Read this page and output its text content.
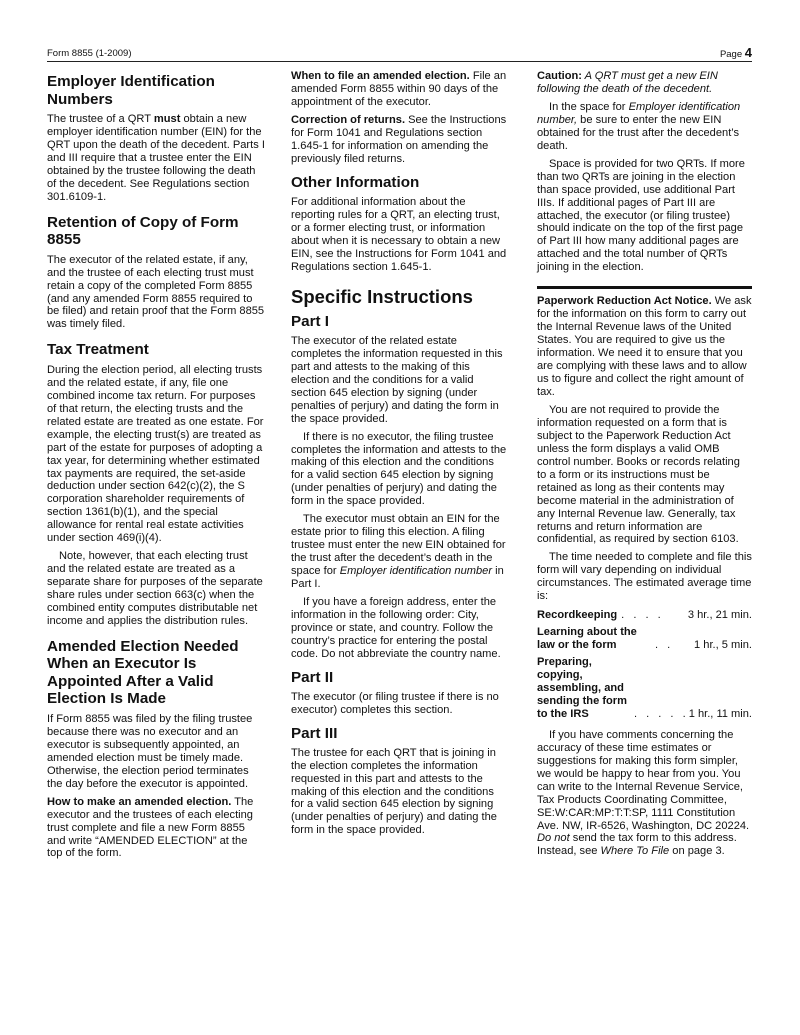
Form 8855 (1-2009)	Page 4
Employer Identification Numbers

The trustee of a QRT must obtain a new employer identification number (EIN) for the QRT upon the death of the decedent. Parts I and III require that a trustee enter the EIN obtained by the trustee following the death of the decedent. See Regulations section 301.6109-1.

Retention of Copy of Form 8855

The executor of the related estate, if any, and the trustee of each electing trust must retain a copy of the completed Form 8855 (and any amended Form 8855 required to be filed) and retain proof that the Form 8855 was timely filed.

Tax Treatment

During the election period, all electing trusts and the related estate, if any, file one combined income tax return. For purposes of that return, the electing trusts and the related estate are treated as one estate. For example, the electing trust(s) are treated as part of the estate for purposes of adopting a tax year, for determining whether estimated tax payments are required, the set-aside deduction under section 642(c)(2), the S corporation shareholder requirements of section 1361(b)(1), and the special allowance for rental real estate activities under section 469(i)(4).

Note, however, that each electing trust and the related estate are treated as a separate share for purposes of the separate share rules under section 663(c) when the combined entity computes distributable net income and applies the distribution rules.

Amended Election Needed When an Executor Is Appointed After a Valid Election Is Made

If Form 8855 was filed by the filing trustee because there was no executor and an executor is subsequently appointed, an amended election must be timely made. Otherwise, the election period terminates the day before the executor is appointed.

How to make an amended election. The executor and the trustees of each electing trust complete and file a new Form 8855 and write “AMENDED ELECTION” at the top of the form.

When to file an amended election. File an amended Form 8855 within 90 days of the appointment of the executor.

Correction of returns. See the Instructions for Form 1041 and Regulations section 1.645-1 for information on amending the previously filed returns.

Other Information

For additional information about the reporting rules for a QRT, an electing trust, or a former electing trust, or information about when it is necessary to obtain a new EIN, see the Instructions for Form 1041 and Regulations section 1.645-1.

Specific Instructions
Part I

The executor of the related estate completes the information requested in this part and attests to the making of this election and the conditions for a valid section 645 election by signing (under penalties of perjury) and dating the form in the space provided.

If there is no executor, the filing trustee completes the information and attests to the making of this election and the conditions for a valid section 645 election by signing (under penalties of perjury) and dating the form in the space provided.

The executor must obtain an EIN for the estate prior to filing this election. A filing trustee must enter the new EIN obtained for the trust after the decedent’s death in the space for Employer identification number in Part I.

If you have a foreign address, enter the information in the following order: City, province or state, and country. Follow the country’s practice for entering the postal code. Do not abbreviate the country name.

Part II

The executor (or filing trustee if there is no executor) completes this section.

Part III

The trustee for each QRT that is joining in the election completes the information requested in this part and attests to the making of this election and the conditions for a valid section 645 election by signing (under penalties of perjury) and dating the form in the space provided.

Caution: A QRT must get a new EIN following the death of the decedent.

In the space for Employer identification number, be sure to enter the new EIN obtained for the trust after the decedent’s death.

Space is provided for two QRTs. If more than two QRTs are joining in the election than space provided, use additional Part IIIs. If additional pages of Part III are attached, the executor (or filing trustee) should indicate on the top of the first page of Part III how many additional pages are attached and the total number of QRTs joining in the election.

Paperwork Reduction Act Notice. We ask for the information on this form to carry out the Internal Revenue laws of the United States. You are required to give us the information. We need it to ensure that you are complying with these laws and to allow us to figure and collect the right amount of tax.

You are not required to provide the information requested on a form that is subject to the Paperwork Reduction Act unless the form displays a valid OMB control number. Books or records relating to a form or its instructions must be retained as long as their contents may become material in the administration of any Internal Revenue law. Generally, tax returns and return information are confidential, as required by section 6103.

The time needed to complete and file this form will vary depending on individual circumstances. The estimated average time is:

Recordkeeping . . . .	3 hr., 21 min.
Learning about the law or the form	. .	1 hr., 5 min.
Preparing, copying, assembling, and sending the form to the IRS	. . . . . 1 hr., 11 min.

If you have comments concerning the accuracy of these time estimates or suggestions for making this form simpler, we would be happy to hear from you. You can write to the Internal Revenue Service, Tax Products Coordinating Committee, SE:W:CAR:MP:T:T:SP, 1111 Constitution Ave. NW, IR-6526, Washington, DC 20224. Do not send the tax form to this address. Instead, see Where To File on page 3.
